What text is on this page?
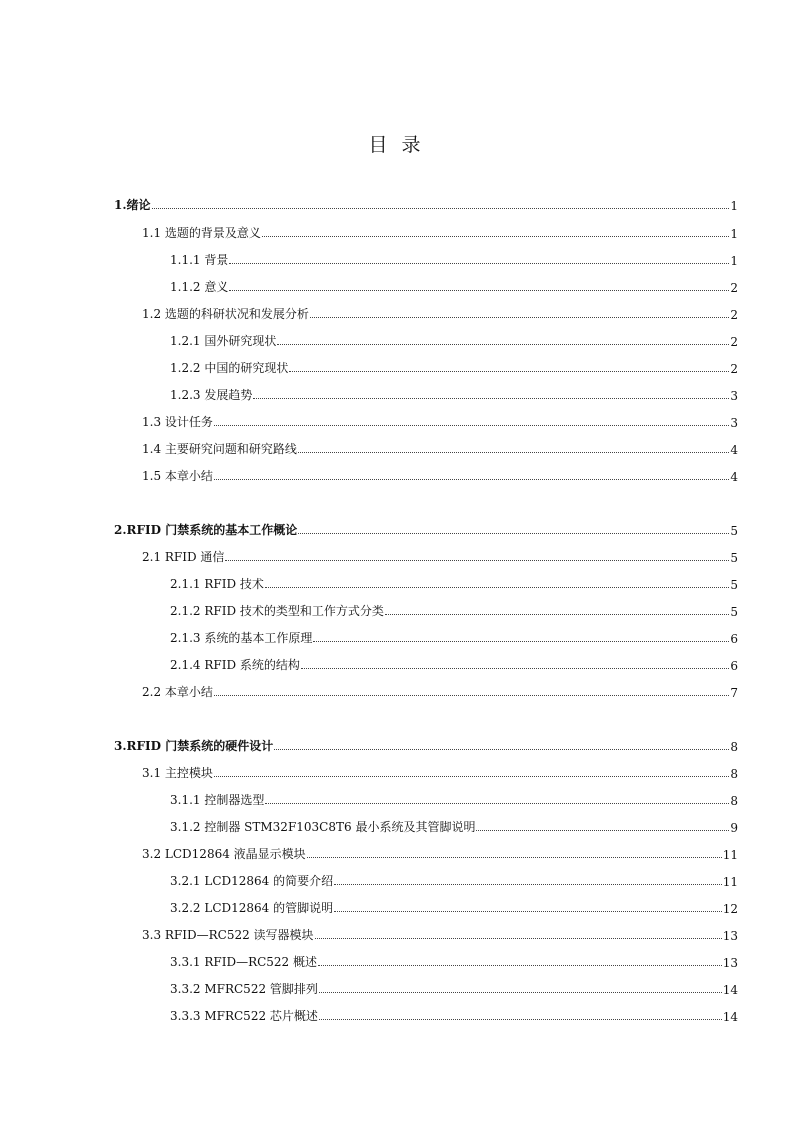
目 录
1.绪论	1
1.1 选题的背景及意义	1
1.1.1 背景	1
1.1.2 意义	2
1.2 选题的科研状况和发展分析	2
1.2.1 国外研究现状	2
1.2.2 中国的研究现状	2
1.2.3 发展趋势	3
1.3 设计任务	3
1.4 主要研究问题和研究路线	4
1.5 本章小结	4
2.RFID 门禁系统的基本工作概论	5
2.1 RFID 通信	5
2.1.1 RFID 技术	5
2.1.2 RFID 技术的类型和工作方式分类	5
2.1.3 系统的基本工作原理	6
2.1.4 RFID 系统的结构	6
2.2 本章小结	7
3.RFID 门禁系统的硬件设计	8
3.1 主控模块	8
3.1.1 控制器选型	8
3.1.2 控制器 STM32F103C8T6 最小系统及其管脚说明	9
3.2 LCD12864 液晶显示模块	11
3.2.1 LCD12864 的简要介绍	11
3.2.2 LCD12864 的管脚说明	12
3.3 RFID—RC522 读写器模块	13
3.3.1 RFID—RC522 概述	13
3.3.2 MFRC522 管脚排列	14
3.3.3 MFRC522 芯片概述	14
